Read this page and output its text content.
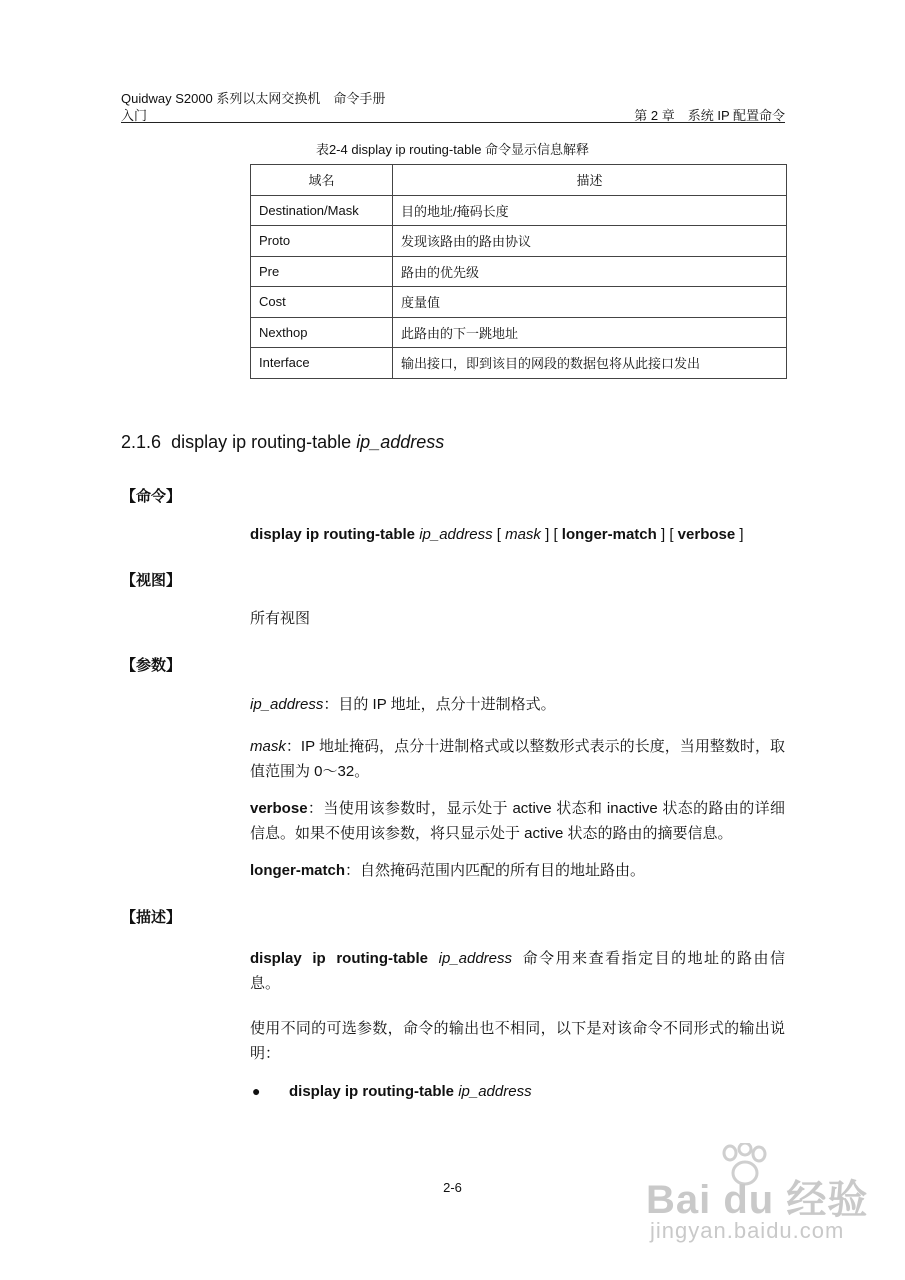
Quidway S2000 系列以太网交换机　命令手册
入门	第 2 章　系统 IP 配置命令
表2-4 display ip routing-table 命令显示信息解释
域名	描述
Destination/Mask	目的地址/掩码长度
Proto	发现该路由的路由协议
Pre	路由的优先级
Cost	度量值
Nexthop	此路由的下一跳地址
Interface	输出接口，即到该目的网段的数据包将从此接口发出
2.1.6 display ip routing-table ip_address
【命令】
display ip routing-table ip_address [ mask ] [ longer-match ] [ verbose ]
【视图】
所有视图
【参数】
ip_address：目的 IP 地址，点分十进制格式。
mask：IP 地址掩码，点分十进制格式或以整数形式表示的长度，当用整数时，取值范围为 0～32。
verbose：当使用该参数时，显示处于 active 状态和 inactive 状态的路由的详细信息。如果不使用该参数，将只显示处于 active 状态的路由的摘要信息。
longer-match：自然掩码范围内匹配的所有目的地址路由。
【描述】
display ip routing-table ip_address 命令用来查看指定目的地址的路由信息。
使用不同的可选参数，命令的输出也不相同，以下是对该命令不同形式的输出说明：
● display ip routing-table ip_address
2-6	Bai du 经验
jingyan.baidu.com
